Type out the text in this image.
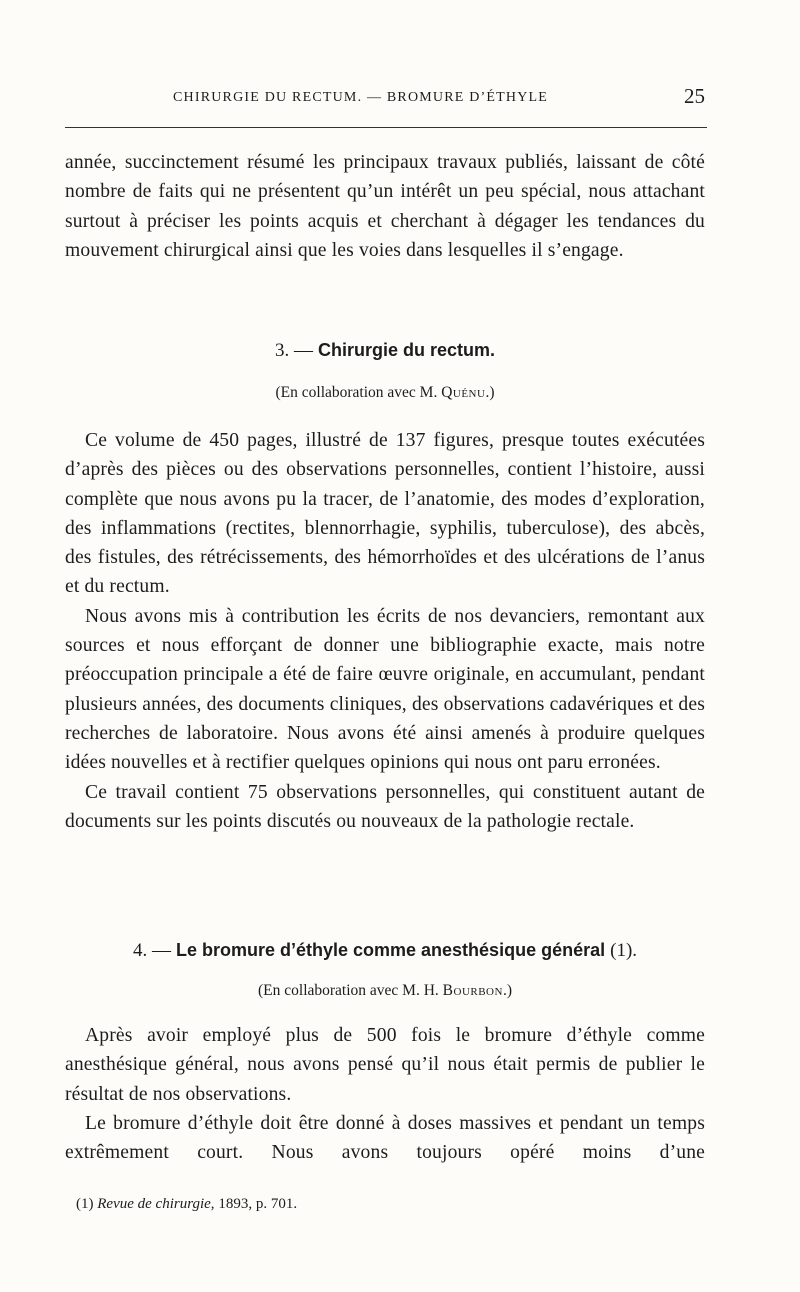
CHIRURGIE DU RECTUM. — BROMURE D’ÉTHYLE	25

année, succinctement résumé les principaux travaux publiés, laissant de côté nombre de faits qui ne présentent qu’un intérêt un peu spécial, nous attachant surtout à préciser les points acquis et cherchant à dégager les tendances du mouvement chirurgical ainsi que les voies dans lesquelles il s’engage.

3. — Chirurgie du rectum.
(En collaboration avec M. Quénu.)

Ce volume de 450 pages, illustré de 137 figures, presque toutes exécutées d’après des pièces ou des observations personnelles, contient l’histoire, aussi complète que nous avons pu la tracer, de l’anatomie, des modes d’exploration, des inflammations (rectites, blennorrhagie, syphilis, tuberculose), des abcès, des fistules, des rétrécissements, des hémorrhoïdes et des ulcérations de l’anus et du rectum.

Nous avons mis à contribution les écrits de nos devanciers, remontant aux sources et nous efforçant de donner une bibliographie exacte, mais notre préoccupation principale a été de faire œuvre originale, en accumulant, pendant plusieurs années, des documents cliniques, des observations cadavériques et des recherches de laboratoire. Nous avons été ainsi amenés à produire quelques idées nouvelles et à rectifier quelques opinions qui nous ont paru erronées.

Ce travail contient 75 observations personnelles, qui constituent autant de documents sur les points discutés ou nouveaux de la pathologie rectale.

4. — Le bromure d’éthyle comme anesthésique général (1).
(En collaboration avec M. H. Bourbon.)

Après avoir employé plus de 500 fois le bromure d’éthyle comme anesthésique général, nous avons pensé qu’il nous était permis de publier le résultat de nos observations.

Le bromure d’éthyle doit être donné à doses massives et pendant un temps extrêmement court. Nous avons toujours opéré moins d’une

(1) Revue de chirurgie, 1893, p. 701.
